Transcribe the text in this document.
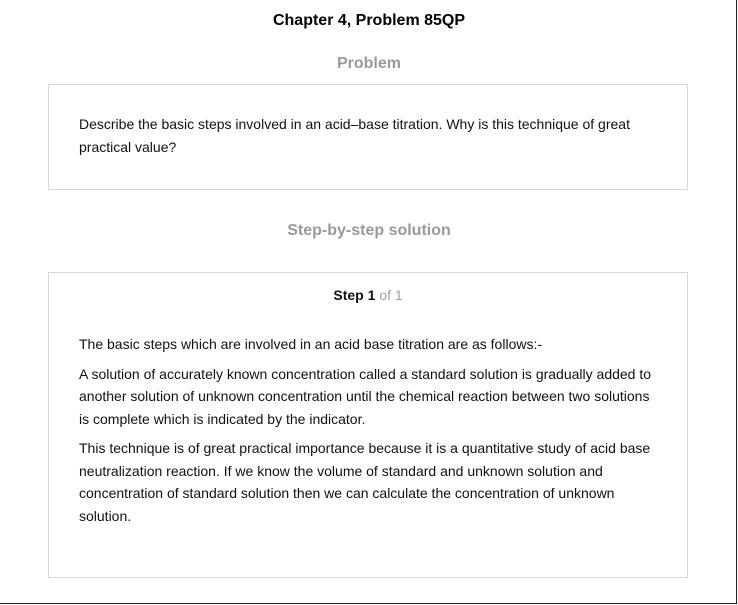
Chapter 4, Problem 85QP
Problem

Describe the basic steps involved in an acid–base titration. Why is this technique of great practical value?

Step-by-step solution
Step 1 of 1

The basic steps which are involved in an acid base titration are as follows:-

A solution of accurately known concentration called a standard solution is gradually added to another solution of unknown concentration until the chemical reaction between two solutions is complete which is indicated by the indicator.

This technique is of great practical importance because it is a quantitative study of acid base neutralization reaction. If we know the volume of standard and unknown solution and concentration of standard solution then we can calculate the concentration of unknown solution.
